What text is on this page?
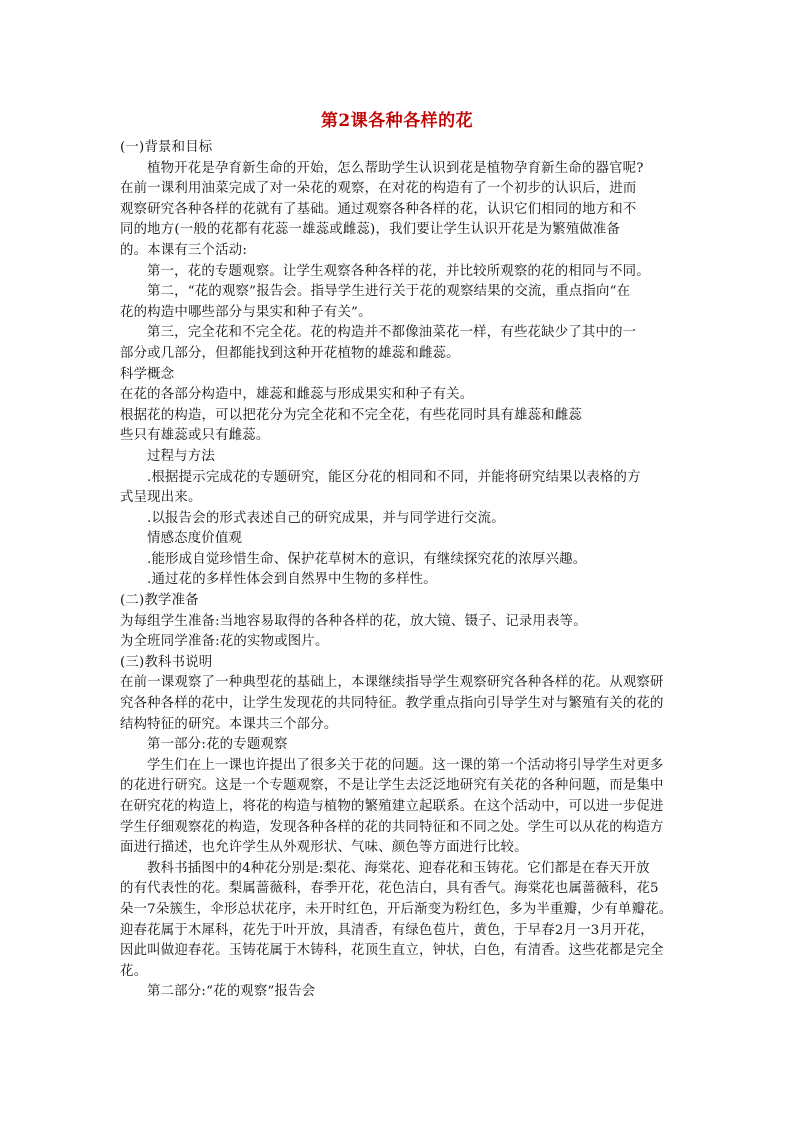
第2课各种各样的花
(一)背景和目标
植物开花是孕育新生命的开始，怎么帮助学生认识到花是植物孕育新生命的器官呢?
在前一课利用油菜完成了对一朵花的观察，在对花的构造有了一个初步的认识后，进而
观察研究各种各样的花就有了基础。通过观察各种各样的花，认识它们相同的地方和不
同的地方(一般的花都有花蕊一雄蕊或雌蕊)，我们要让学生认识开花是为繁殖做准备
的。本课有三个活动:
第一，花的专题观察。让学生观察各种各样的花，并比较所观察的花的相同与不同。
第二，“花的观察”报告会。指导学生进行关于花的观察结果的交流，重点指向“在
花的构造中哪些部分与果实和种子有关”。
第三，完全花和不完全花。花的构造并不都像油菜花一样，有些花缺少了其中的一
部分或几部分，但都能找到这种开花植物的雄蕊和雌蕊。
科学概念
在花的各部分构造中，雄蕊和雌蕊与形成果实和种子有关。
根据花的构造，可以把花分为完全花和不完全花，有些花同时具有雄蕊和雌蕊
些只有雄蕊或只有雌蕊。
过程与方法
.根据提示完成花的专题研究，能区分花的相同和不同，并能将研究结果以表格的方
式呈现出来。
.以报告会的形式表述自己的研究成果，并与同学进行交流。
情感态度价值观
.能形成自觉珍惜生命、保护花草树木的意识，有继续探究花的浓厚兴趣。
.通过花的多样性体会到自然界中生物的多样性。
(二)教学准备
为每组学生准备:当地容易取得的各种各样的花，放大镜、镊子、记录用表等。
为全班同学准备:花的实物或图片。
(三)教科书说明
在前一课观察了一种典型花的基础上，本课继续指导学生观察研究各种各样的花。从观察研
究各种各样的花中，让学生发现花的共同特征。教学重点指向引导学生对与繁殖有关的花的
结构特征的研究。本课共三个部分。
第一部分:花的专题观察
学生们在上一课也许提出了很多关于花的问题。这一课的第一个活动将引导学生对更多
的花进行研究。这是一个专题观察，不是让学生去泛泛地研究有关花的各种问题，而是集中
在研究花的构造上，将花的构造与植物的繁殖建立起联系。在这个活动中，可以进一步促进
学生仔细观察花的构造，发现各种各样的花的共同特征和不同之处。学生可以从花的构造方
面进行描述，也允许学生从外观形状、气味、颜色等方面进行比较。
教科书插图中的4种花分别是:梨花、海棠花、迎春花和玉铸花。它们都是在春天开放
的有代表性的花。梨属蔷薇科，春季开花，花色洁白，具有香气。海棠花也属蔷薇科，花5
朵一7朵簇生，伞形总状花序，未开时红色，开后渐变为粉红色，多为半重瓣，少有单瓣花。
迎春花属于木犀科，花先于叶开放，具清香，有绿色苞片，黄色，于早春2月一3月开花，
因此叫做迎春花。玉铸花属于木铸科，花顶生直立，钟状，白色，有清香。这些花都是完全
花。
第二部分:“花的观察”报告会
